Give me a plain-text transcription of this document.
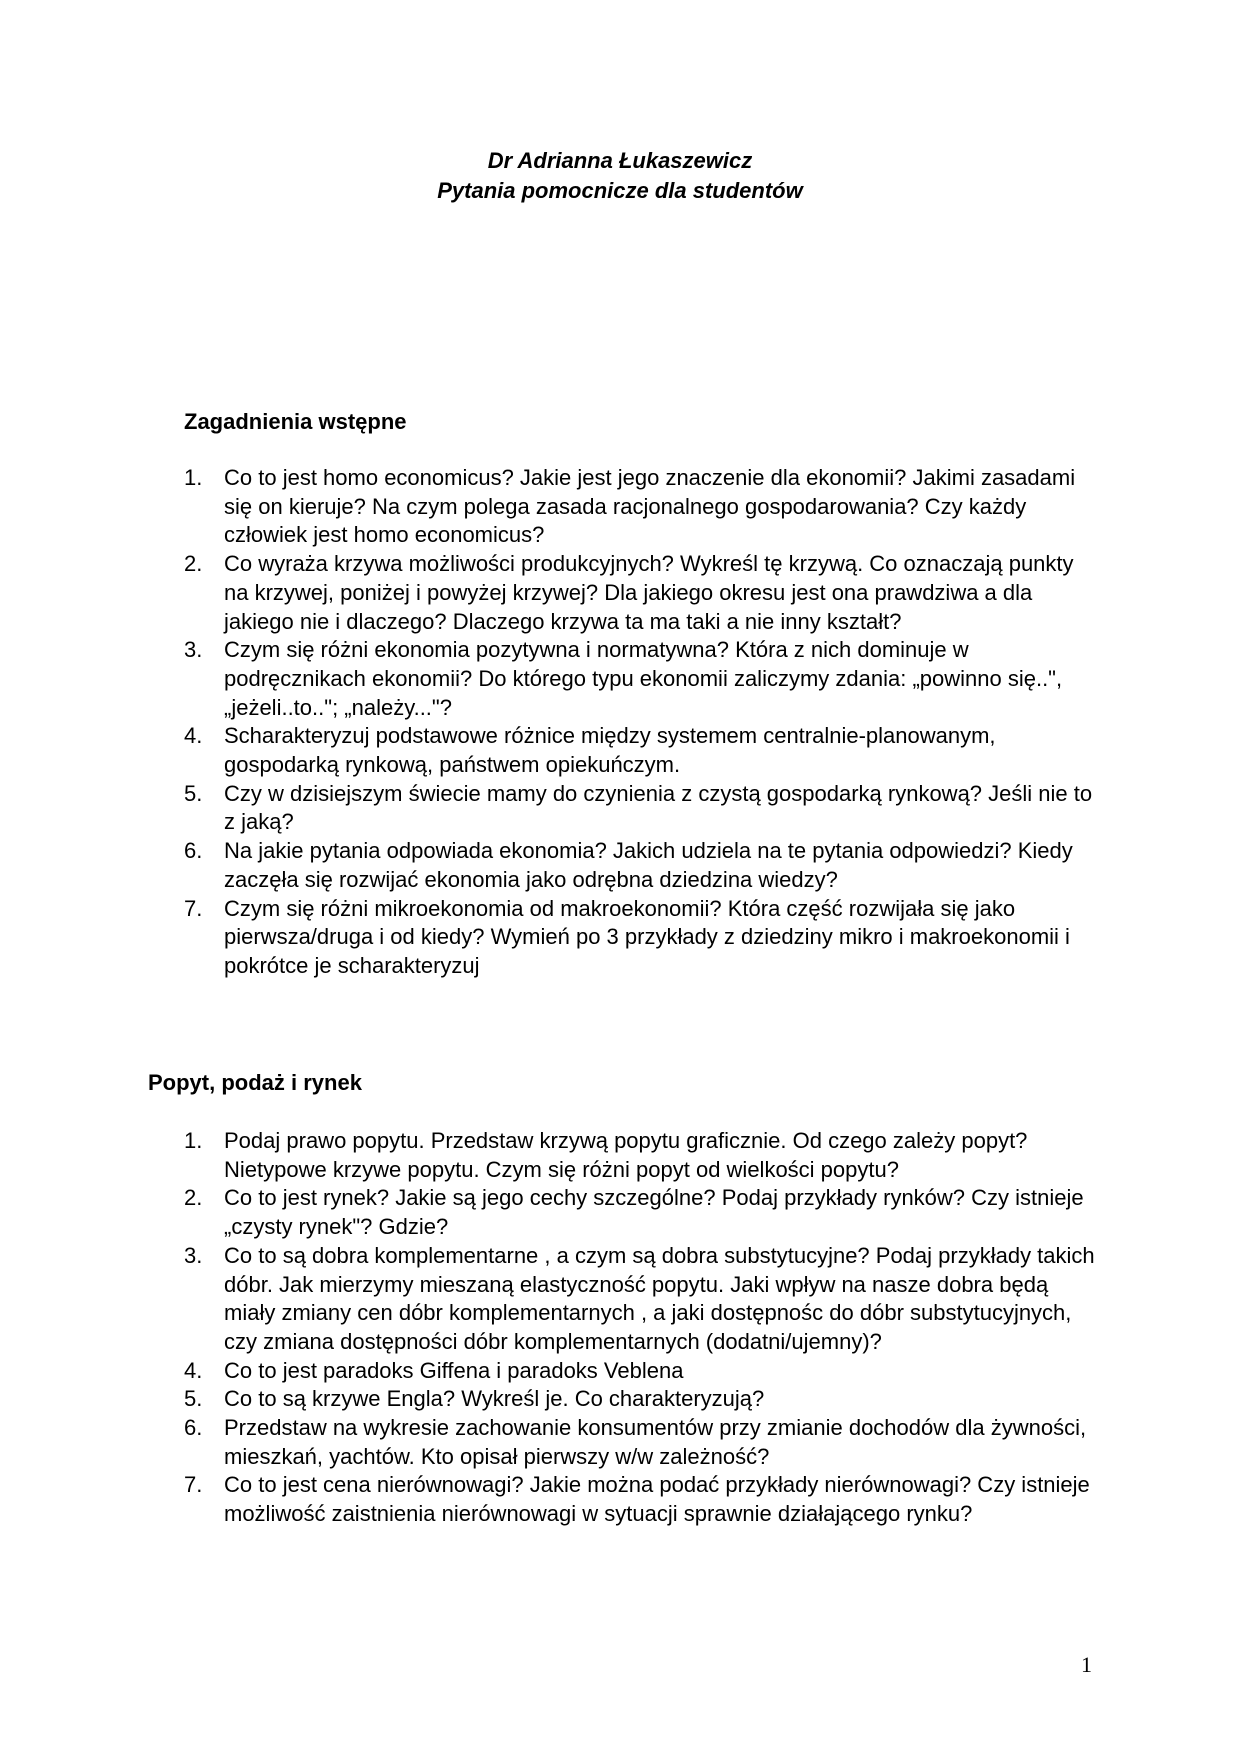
Dr Adrianna Łukaszewicz
Pytania pomocnicze dla studentów
Zagadnienia wstępne
1. Co to jest homo economicus? Jakie jest jego znaczenie dla ekonomii? Jakimi zasadami się on kieruje? Na czym polega zasada racjonalnego gospodarowania? Czy każdy człowiek jest homo economicus?
2. Co wyraża krzywa możliwości produkcyjnych? Wykreśl tę krzywą. Co oznaczają punkty na krzywej, poniżej i powyżej krzywej? Dla jakiego okresu jest ona prawdziwa a dla jakiego nie i dlaczego? Dlaczego krzywa ta ma taki a nie inny kształt?
3. Czym się różni ekonomia pozytywna i normatywna? Która z nich dominuje w podręcznikach ekonomii? Do którego typu ekonomii zaliczymy zdania: „powinno się..", „jeżeli..to.."; „należy..."?
4. Scharakteryzuj podstawowe różnice między systemem centralnie-planowanym, gospodarką rynkową, państwem opiekuńczym.
5. Czy w dzisiejszym świecie mamy do czynienia z czystą gospodarką rynkową? Jeśli nie to z jaką?
6. Na jakie pytania odpowiada ekonomia? Jakich udziela na te pytania odpowiedzi? Kiedy zaczęła się rozwijać ekonomia jako odrębna dziedzina wiedzy?
7. Czym się różni mikroekonomia od makroekonomii? Która część rozwijała się jako pierwsza/druga i od kiedy? Wymień po 3 przykłady z dziedziny mikro i makroekonomii i pokrótce je scharakteryzuj
Popyt, podaż i rynek
1. Podaj prawo popytu. Przedstaw krzywą popytu graficznie. Od czego zależy popyt? Nietypowe krzywe popytu. Czym się różni popyt od wielkości popytu?
2. Co to jest rynek? Jakie są jego cechy szczególne? Podaj przykłady rynków? Czy istnieje „czysty rynek"? Gdzie?
3. Co to są dobra komplementarne , a czym są dobra substytucyjne? Podaj przykłady takich dóbr. Jak mierzymy mieszaną elastyczność popytu. Jaki wpływ na nasze dobra będą miały zmiany cen dóbr komplementarnych , a jaki dostępnośc do dóbr substytucyjnych, czy zmiana dostępności dóbr komplementarnych (dodatni/ujemny)?
4. Co to jest paradoks Giffena i paradoks Veblena
5. Co to są krzywe Engla? Wykreśl je. Co charakteryzują?
6. Przedstaw na wykresie zachowanie konsumentów przy zmianie dochodów dla żywności, mieszkań, yachtów. Kto opisał pierwszy w/w zależność?
7. Co to jest cena nierównowagi? Jakie można podać przykłady nierównowagi? Czy istnieje możliwość zaistnienia nierównowagi w sytuacji sprawnie działającego rynku?
1
